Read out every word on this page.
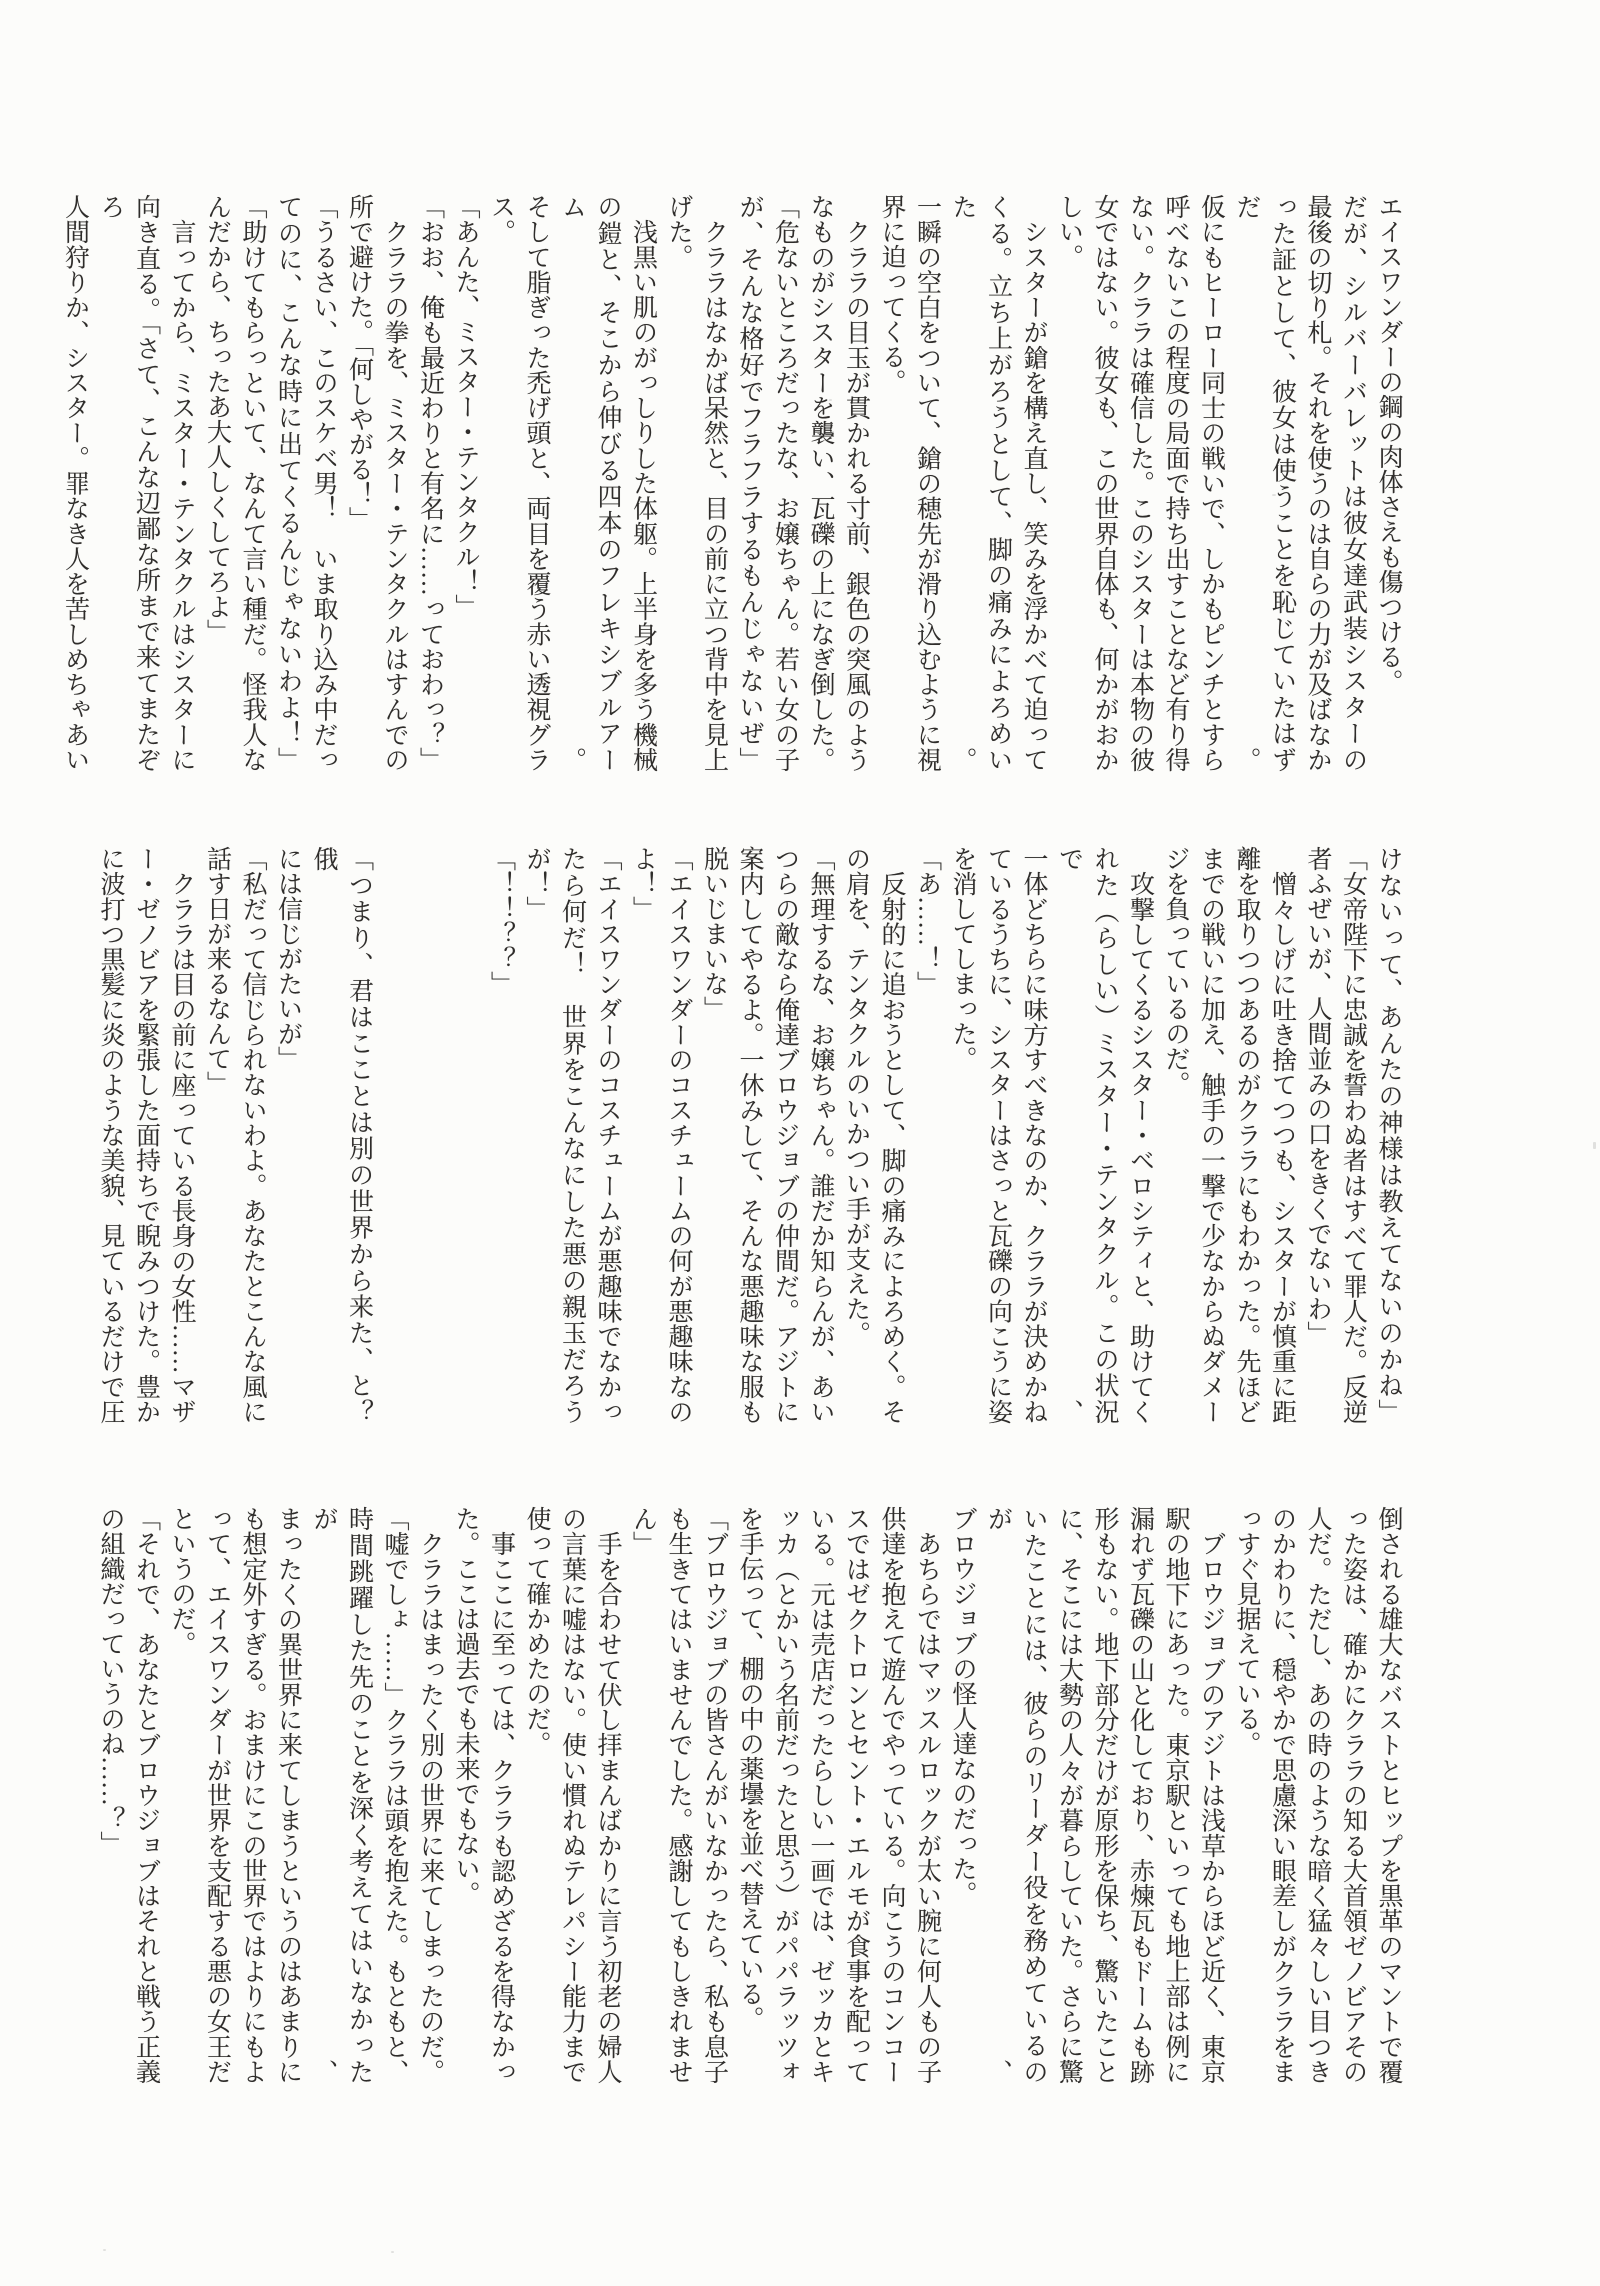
エイスワンダーの鋼の肉体さえも傷つける。
だが、シルバーバレットは彼女達武装シスターの
最後の切り札。それを使うのは自らの力が及ばなか
った証として、彼女は使うことを恥じていたはずだ。
仮にもヒーロー同士の戦いで、しかもピンチとすら
呼べないこの程度の局面で持ち出すことなど有り得
ない。クララは確信した。このシスターは本物の彼
女ではない。彼女も、この世界自体も、何かがおか
しい。
　シスターが鎗を構え直し、笑みを浮かべて迫って
くる。立ち上がろうとして、脚の痛みによろめいた。
一瞬の空白をついて、鎗の穂先が滑り込むように視
界に迫ってくる。
　クララの目玉が貫かれる寸前、銀色の突風のよう
なものがシスターを襲い、瓦礫の上になぎ倒した。
「危ないところだったな、お嬢ちゃん。若い女の子
が、そんな格好でフラフラするもんじゃないぜ」
　クララはなかば呆然と、目の前に立つ背中を見上
げた。
　浅黒い肌のがっしりした体躯。上半身を多う機械
の鎧と、そこから伸びる四本のフレキシブルアーム。
そして脂ぎった禿げ頭と、両目を覆う赤い透視グラ
ス。
「あんた、ミスター・テンタクル！」
「おお、俺も最近わりと有名に……っておわっ？」
　クララの拳を、ミスター・テンタクルはすんでの
所で避けた。「何しやがる！」
「うるさい、このスケベ男！　いま取り込み中だっ
てのに、こんな時に出てくるんじゃないわよ！」
「助けてもらっといて、なんて言い種だ。怪我人な
んだから、ちったあ大人しくしてろよ」
　言ってから、ミスター・テンタクルはシスターに
向き直る。「さて、こんな辺鄙な所まで来てまたぞろ
人間狩りか、シスター。罪なき人を苦しめちゃあい
けないって、あんたの神様は教えてないのかね」
「女帝陛下に忠誠を誓わぬ者はすべて罪人だ。反逆
者ふぜいが、人間並みの口をきくでないわ」
　憎々しげに吐き捨てつつも、シスターが慎重に距
離を取りつつあるのがクララにもわかった。先ほど
までの戦いに加え、触手の一撃で少なからぬダメー
ジを負っているのだ。
　攻撃してくるシスター・ベロシティと、助けてく
れた（らしい）ミスター・テンタクル。この状況で、
一体どちらに味方すべきなのか、クララが決めかね
ているうちに、シスターはさっと瓦礫の向こうに姿
を消してしまった。
「あ……！」
　反射的に追おうとして、脚の痛みによろめく。そ
の肩を、テンタクルのいかつい手が支えた。
「無理するな、お嬢ちゃん。誰だか知らんが、あい
つらの敵なら俺達ブロウジョブの仲間だ。アジトに
案内してやるよ。一休みして、そんな悪趣味な服も
脱いじまいな」
「エイスワンダーのコスチュームの何が悪趣味なの
よ！」
「エイスワンダーのコスチュームが悪趣味でなかっ
たら何だ！　世界をこんなにした悪の親玉だろう
が！」
「！！？？」
「つまり、君はこことは別の世界から来た、と？　俄
には信じがたいが」
「私だって信じられないわよ。あなたとこんな風に
話す日が来るなんて」
　クララは目の前に座っている長身の女性……マザ
ー・ゼノビアを緊張した面持ちで睨みつけた。豊か
に波打つ黒髪に炎のような美貌、見ているだけで圧
倒される雄大なバストとヒップを黒革のマントで覆
った姿は、確かにクララの知る大首領ゼノビアその
人だ。ただし、あの時のような暗く猛々しい目つき
のかわりに、穏やかで思慮深い眼差しがクララをま
っすぐ見据えている。
　ブロウジョブのアジトは浅草からほど近く、東京
駅の地下にあった。東京駅といっても地上部は例に
漏れず瓦礫の山と化しており、赤煉瓦もドームも跡
形もない。地下部分だけが原形を保ち、驚いたこと
に、そこには大勢の人々が暮らしていた。さらに驚
いたことには、彼らのリーダー役を務めているのが、
ブロウジョブの怪人達なのだった。
　あちらではマッスルロックが太い腕に何人もの子
供達を抱えて遊んでやっている。向こうのコンコー
スではゼクトロンとセント・エルモが食事を配って
いる。元は売店だったらしい一画では、ゼッカとキ
ッカ（とかいう名前だったと思う）がパパラッツォ
を手伝って、棚の中の薬壜を並べ替えている。
「ブロウジョブの皆さんがいなかったら、私も息子
も生きてはいませんでした。感謝してもしきれませ
ん」
　手を合わせて伏し拝まんばかりに言う初老の婦人
の言葉に嘘はない。使い慣れぬテレパシー能力まで
使って確かめたのだ。
　事ここに至っては、クララも認めざるを得なかっ
た。ここは過去でも未来でもない。
　クララはまったく別の世界に来てしまったのだ。
「嘘でしょ……」クララは頭を抱えた。もともと、
時間跳躍した先のことを深く考えてはいなかったが、
まったくの異世界に来てしまうというのはあまりに
も想定外すぎる。おまけにこの世界ではよりにもよ
って、エイスワンダーが世界を支配する悪の女王だ
というのだ。
「それで、あなたとブロウジョブはそれと戦う正義
の組織だっていうのね……？」
